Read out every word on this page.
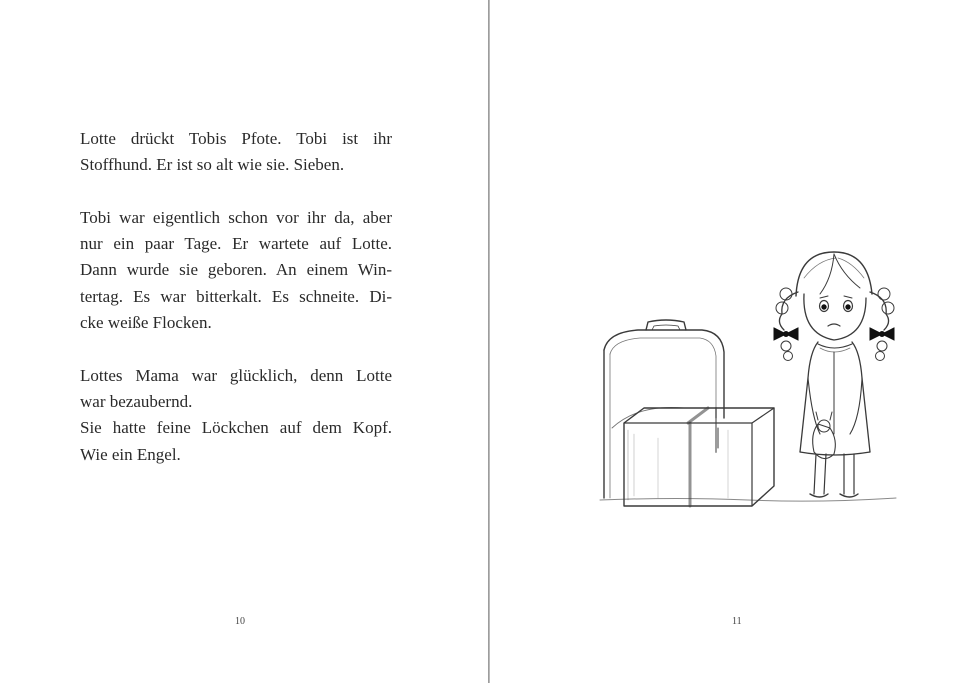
Lotte drückt Tobis Pfote. Tobi ist ihr
Stoffhund. Er ist so alt wie sie. Sieben.

Tobi war eigentlich schon vor ihr da, aber
nur ein paar Tage. Er wartete auf Lotte.
Dann wurde sie geboren. An einem Win-
tertag. Es war bitterkalt. Es schneite. Di-
cke weiße Flocken.

Lottes Mama war glücklich, denn Lotte
war bezaubernd.
Sie hatte feine Löckchen auf dem Kopf.
Wie ein Engel.

10	11
